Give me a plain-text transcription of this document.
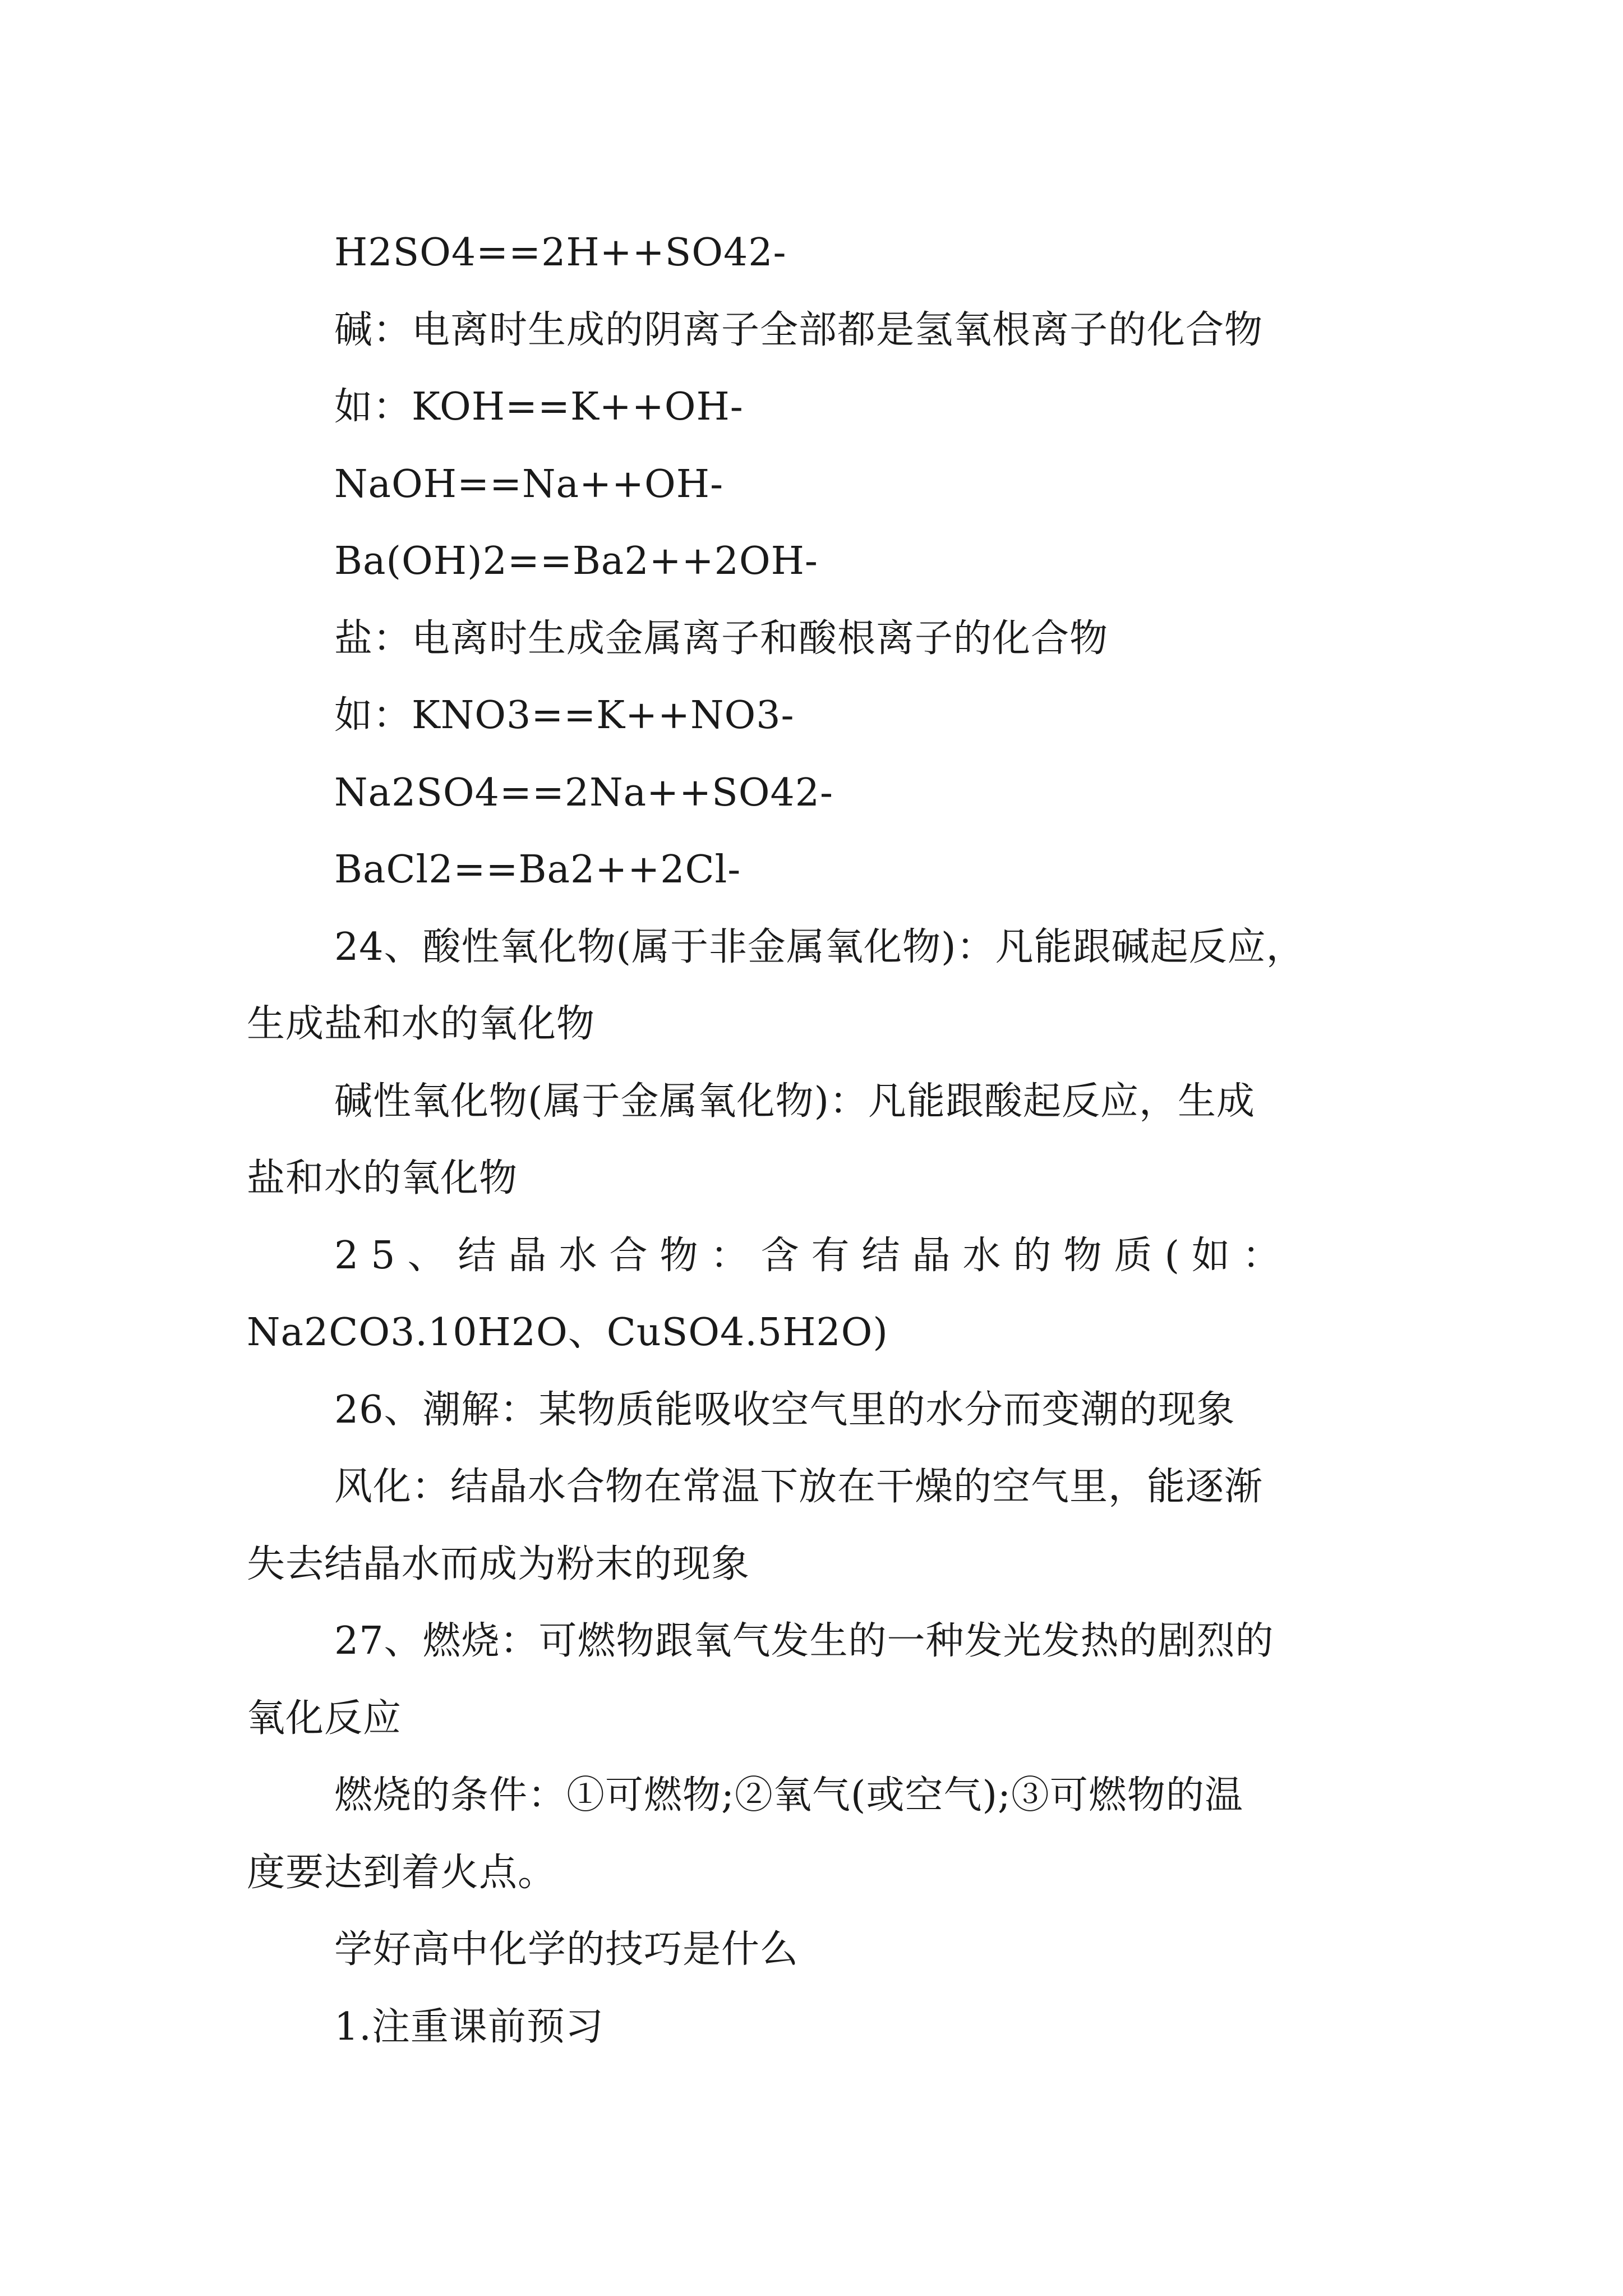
H2SO4==2H++SO42-
碱：电离时生成的阴离子全部都是氢氧根离子的化合物
如：KOH==K++OH-
NaOH==Na++OH-
Ba(OH)2==Ba2++2OH-
盐：电离时生成金属离子和酸根离子的化合物
如：KNO3==K++NO3-
Na2SO4==2Na++SO42-
BaCl2==Ba2++2Cl-
24、酸性氧化物(属于非金属氧化物)：凡能跟碱起反应，
生成盐和水的氧化物
碱性氧化物(属于金属氧化物)：凡能跟酸起反应，生成
盐和水的氧化物
25、结晶水合物：含有结晶水的物质(如：
Na2CO3.10H2O、CuSO4.5H2O)
26、潮解：某物质能吸收空气里的水分而变潮的现象
风化：结晶水合物在常温下放在干燥的空气里，能逐渐
失去结晶水而成为粉末的现象
27、燃烧：可燃物跟氧气发生的一种发光发热的剧烈的
氧化反应
燃烧的条件：①可燃物;②氧气(或空气);③可燃物的温
度要达到着火点。
学好高中化学的技巧是什么
1.注重课前预习
